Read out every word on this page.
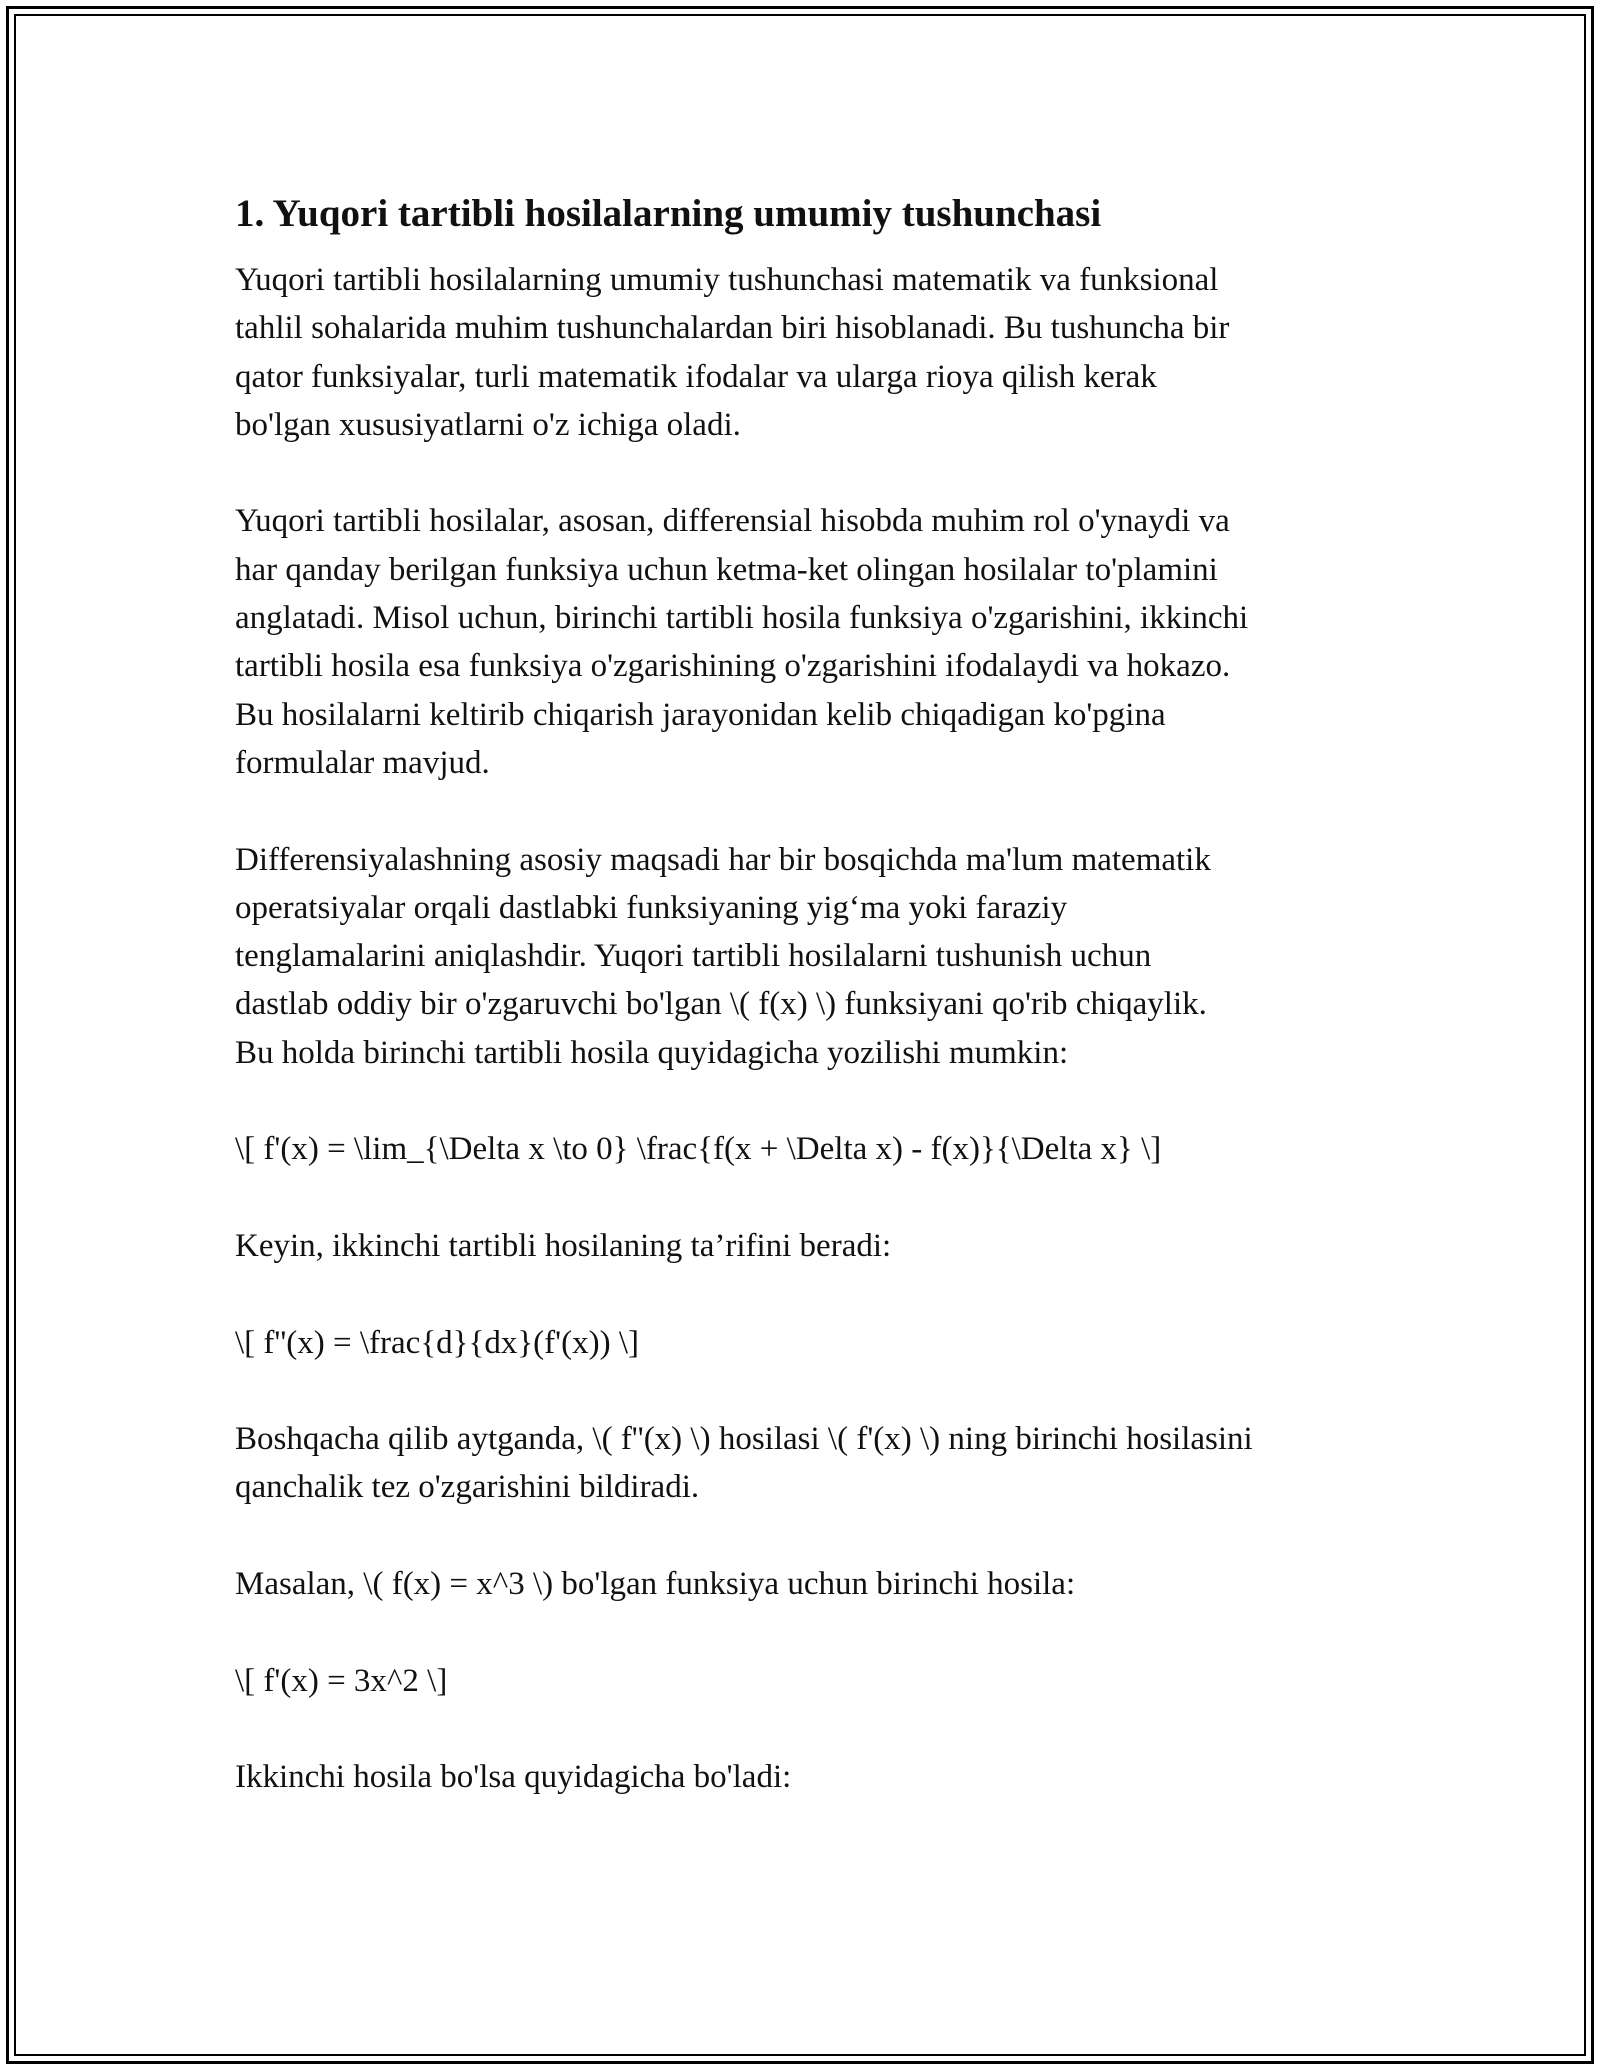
1. Yuqori tartibli hosilalarning umumiy tushunchasi
Yuqori tartibli hosilalarning umumiy tushunchasi matematik va funksional
tahlil sohalarida muhim tushunchalardan biri hisoblanadi. Bu tushuncha bir
qator funksiyalar, turli matematik ifodalar va ularga rioya qilish kerak
bo'lgan xususiyatlarni o'z ichiga oladi.
Yuqori tartibli hosilalar, asosan, differensial hisobda muhim rol o'ynaydi va
har qanday berilgan funksiya uchun ketma-ket olingan hosilalar to'plamini
anglatadi. Misol uchun, birinchi tartibli hosila funksiya o'zgarishini, ikkinchi
tartibli hosila esa funksiya o'zgarishining o'zgarishini ifodalaydi va hokazo.
Bu hosilalarni keltirib chiqarish jarayonidan kelib chiqadigan ko'pgina
formulalar mavjud.
Differensiyalashning asosiy maqsadi har bir bosqichda ma'lum matematik
operatsiyalar orqali dastlabki funksiyaning yig‘ma yoki faraziy
tenglamalarini aniqlashdir. Yuqori tartibli hosilalarni tushunish uchun
dastlab oddiy bir o'zgaruvchi bo'lgan \( f(x) \) funksiyani qo'rib chiqaylik.
Bu holda birinchi tartibli hosila quyidagicha yozilishi mumkin:
\[ f'(x) = \lim_{\Delta x \to 0} \frac{f(x + \Delta x) - f(x)}{\Delta x} \]
Keyin, ikkinchi tartibli hosilaning ta’rifini beradi:
\[ f''(x) = \frac{d}{dx}(f'(x)) \]
Boshqacha qilib aytganda, \( f''(x) \) hosilasi \( f'(x) \) ning birinchi hosilasini
qanchalik tez o'zgarishini bildiradi.
Masalan, \( f(x) = x^3 \) bo'lgan funksiya uchun birinchi hosila:
\[ f'(x) = 3x^2 \]
Ikkinchi hosila bo'lsa quyidagicha bo'ladi:
